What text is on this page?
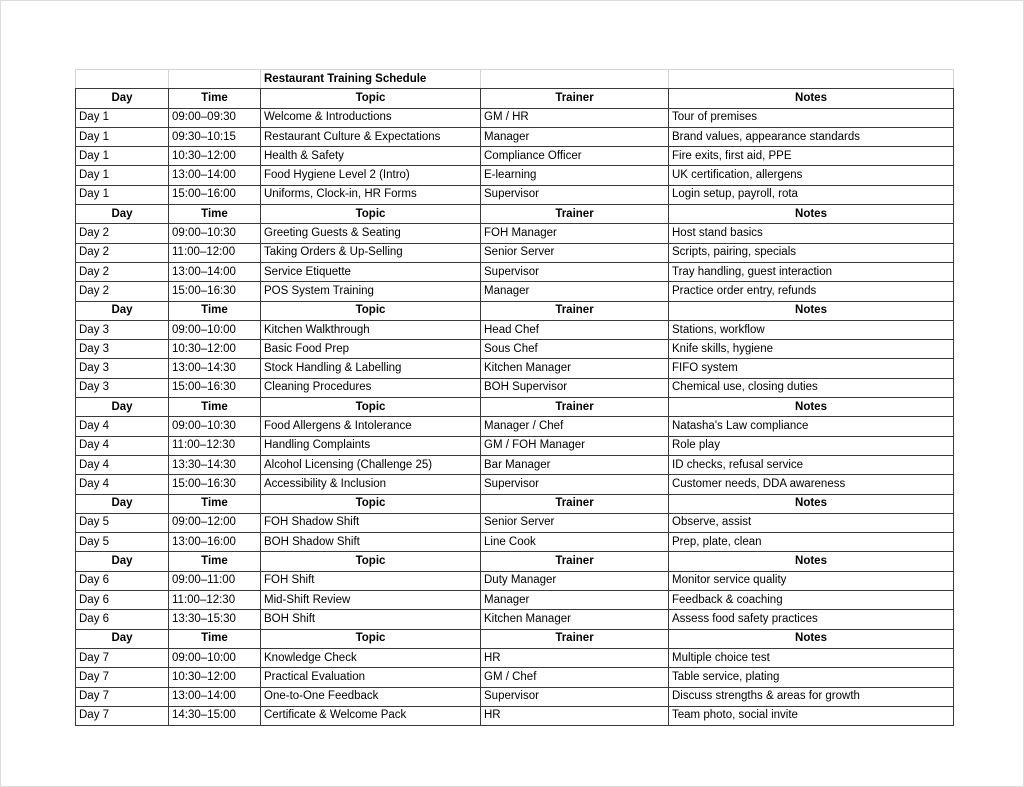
		Restaurant Training Schedule		
Day	Time	Topic	Trainer	Notes
Day 1	09:00–09:30	Welcome & Introductions	GM / HR	Tour of premises
Day 1	09:30–10:15	Restaurant Culture & Expectations	Manager	Brand values, appearance standards
Day 1	10:30–12:00	Health & Safety	Compliance Officer	Fire exits, first aid, PPE
Day 1	13:00–14:00	Food Hygiene Level 2 (Intro)	E-learning	UK certification, allergens
Day 1	15:00–16:00	Uniforms, Clock-in, HR Forms	Supervisor	Login setup, payroll, rota
Day	Time	Topic	Trainer	Notes
Day 2	09:00–10:30	Greeting Guests & Seating	FOH Manager	Host stand basics
Day 2	11:00–12:00	Taking Orders & Up-Selling	Senior Server	Scripts, pairing, specials
Day 2	13:00–14:00	Service Etiquette	Supervisor	Tray handling, guest interaction
Day 2	15:00–16:30	POS System Training	Manager	Practice order entry, refunds
Day	Time	Topic	Trainer	Notes
Day 3	09:00–10:00	Kitchen Walkthrough	Head Chef	Stations, workflow
Day 3	10:30–12:00	Basic Food Prep	Sous Chef	Knife skills, hygiene
Day 3	13:00–14:30	Stock Handling & Labelling	Kitchen Manager	FIFO system
Day 3	15:00–16:30	Cleaning Procedures	BOH Supervisor	Chemical use, closing duties
Day	Time	Topic	Trainer	Notes
Day 4	09:00–10:30	Food Allergens & Intolerance	Manager / Chef	Natasha's Law compliance
Day 4	11:00–12:30	Handling Complaints	GM / FOH Manager	Role play
Day 4	13:30–14:30	Alcohol Licensing (Challenge 25)	Bar Manager	ID checks, refusal service
Day 4	15:00–16:30	Accessibility & Inclusion	Supervisor	Customer needs, DDA awareness
Day	Time	Topic	Trainer	Notes
Day 5	09:00–12:00	FOH Shadow Shift	Senior Server	Observe, assist
Day 5	13:00–16:00	BOH Shadow Shift	Line Cook	Prep, plate, clean
Day	Time	Topic	Trainer	Notes
Day 6	09:00–11:00	FOH Shift	Duty Manager	Monitor service quality
Day 6	11:00–12:30	Mid-Shift Review	Manager	Feedback & coaching
Day 6	13:30–15:30	BOH Shift	Kitchen Manager	Assess food safety practices
Day	Time	Topic	Trainer	Notes
Day 7	09:00–10:00	Knowledge Check	HR	Multiple choice test
Day 7	10:30–12:00	Practical Evaluation	GM / Chef	Table service, plating
Day 7	13:00–14:00	One-to-One Feedback	Supervisor	Discuss strengths & areas for growth
Day 7	14:30–15:00	Certificate & Welcome Pack	HR	Team photo, social invite
